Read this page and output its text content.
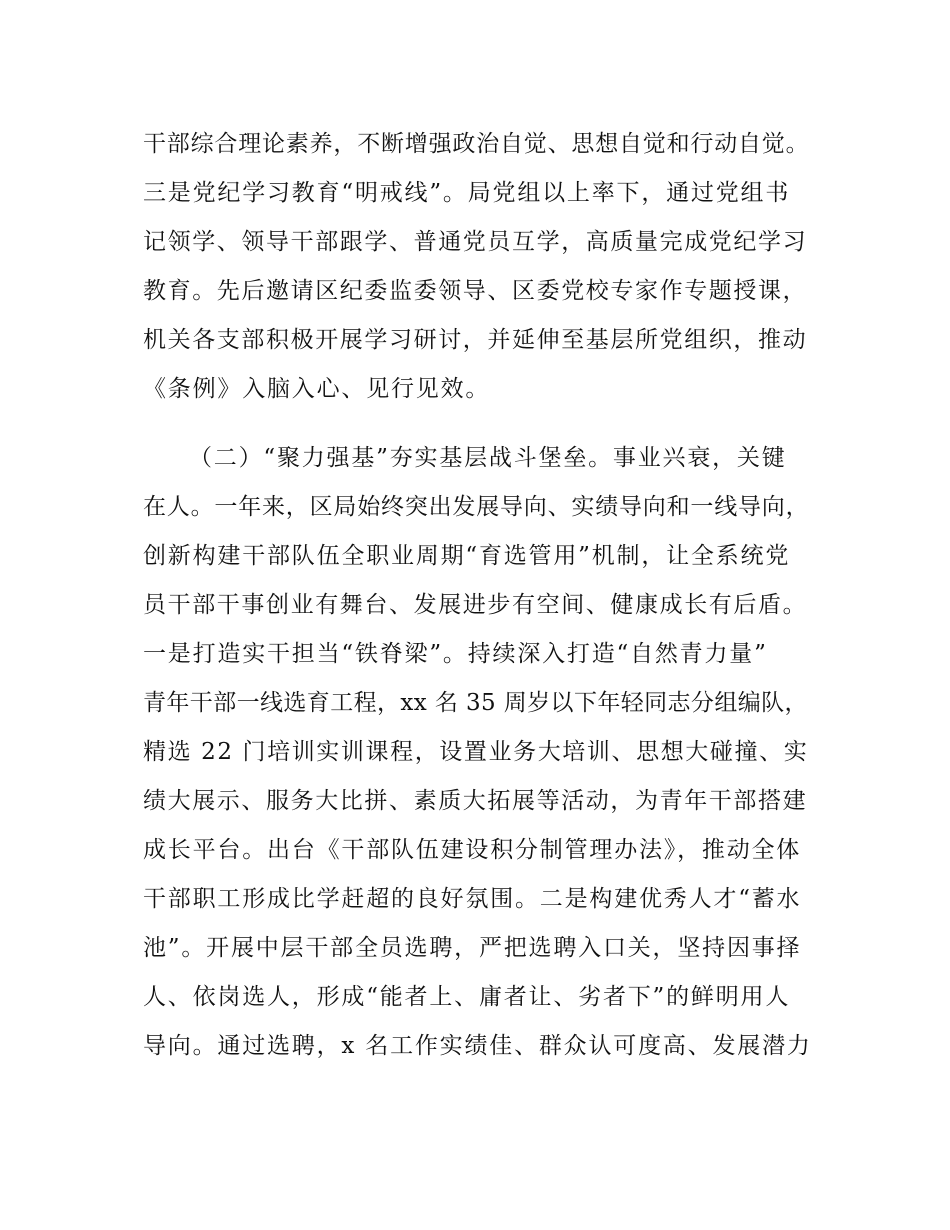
干部综合理论素养，不断增强政治自觉、思想自觉和行动自觉。
三是党纪学习教育“明戒线”。局党组以上率下，通过党组书
记领学、领导干部跟学、普通党员互学，高质量完成党纪学习
教育。先后邀请区纪委监委领导、区委党校专家作专题授课，
机关各支部积极开展学习研讨，并延伸至基层所党组织，推动
《条例》入脑入心、见行见效。
（二）“聚力强基”夯实基层战斗堡垒。事业兴衰，关键
在人。一年来，区局始终突出发展导向、实绩导向和一线导向，
创新构建干部队伍全职业周期“育选管用”机制，让全系统党
员干部干事创业有舞台、发展进步有空间、健康成长有后盾。
一是打造实干担当“铁脊梁”。持续深入打造“自然青力量”
青年干部一线选育工程，xx 名 35 周岁以下年轻同志分组编队，
精选 22 门培训实训课程，设置业务大培训、思想大碰撞、实
绩大展示、服务大比拼、素质大拓展等活动，为青年干部搭建
成长平台。出台《干部队伍建设积分制管理办法》，推动全体
干部职工形成比学赶超的良好氛围。二是构建优秀人才“蓄水
池”。开展中层干部全员选聘，严把选聘入口关，坚持因事择
人、依岗选人，形成“能者上、庸者让、劣者下”的鲜明用人
导向。通过选聘，x 名工作实绩佳、群众认可度高、发展潜力
